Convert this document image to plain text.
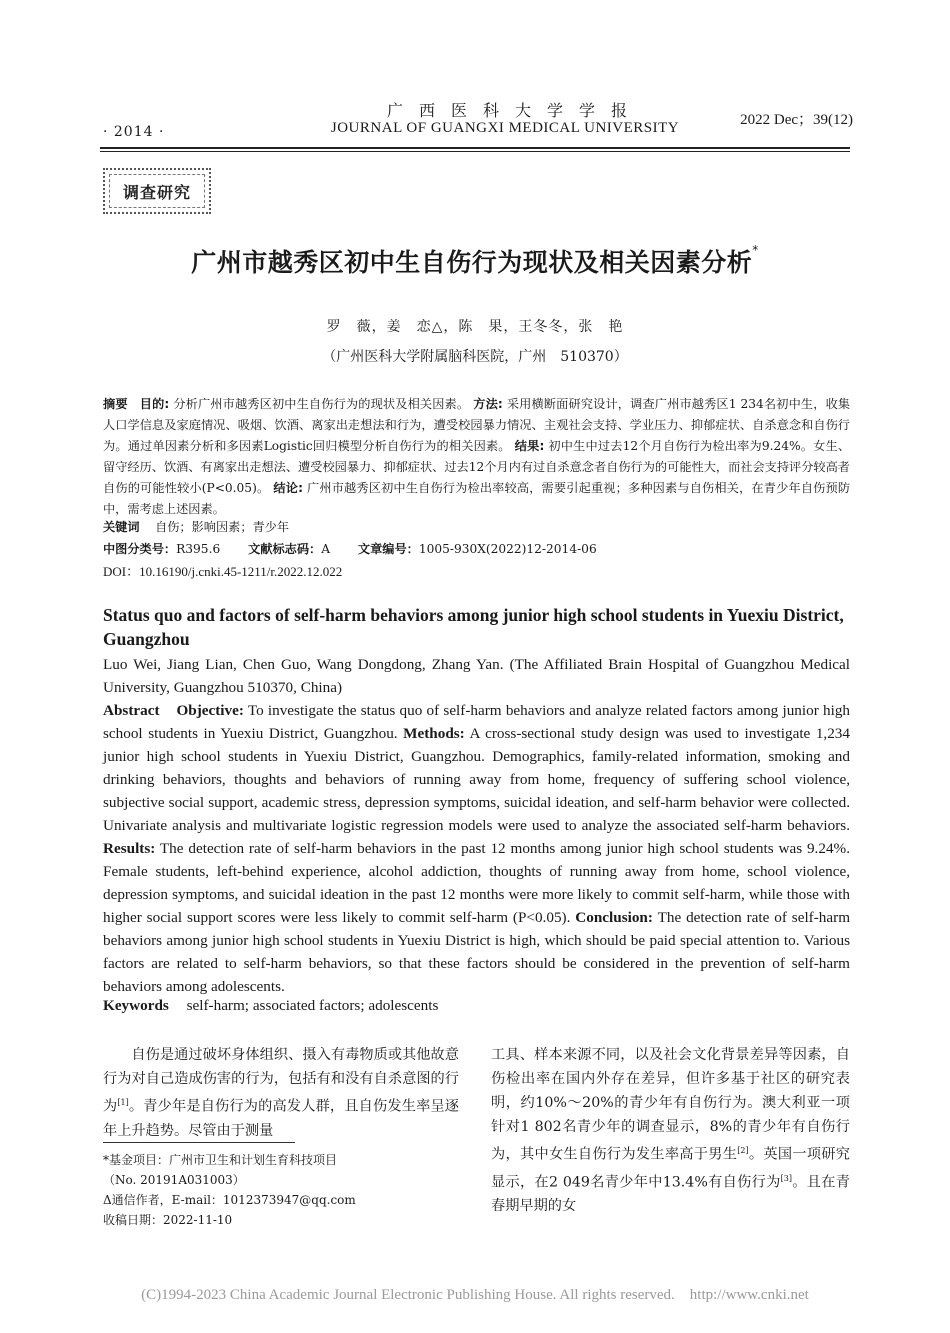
· 2014 ·
广西医科大学学报
JOURNAL OF GUANGXI MEDICAL UNIVERSITY	2022 Dec；39(12)
调查研究
广州市越秀区初中生自伤行为现状及相关因素分析*
罗　薇，姜　恋△，陈　果，王冬冬，张　艳
（广州医科大学附属脑科医院，广州　510370）
摘要 目的: 分析广州市越秀区初中生自伤行为的现状及相关因素。 方法: 采用横断面研究设计，调查广州市越秀区1 234名初中生，收集人口学信息及家庭情况、吸烟、饮酒、离家出走想法和行为，遭受校园暴力情况、主观社会支持、学业压力、抑郁症状、自杀意念和自伤行为。通过单因素分析和多因素Logistic回归模型分析自伤行为的相关因素。 结果: 初中生中过去12个月自伤行为检出率为9.24%。女生、留守经历、饮酒、有离家出走想法、遭受校园暴力、抑郁症状、过去12个月内有过自杀意念者自伤行为的可能性大，而社会支持评分较高者自伤的可能性较小(P<0.05)。 结论: 广州市越秀区初中生自伤行为检出率较高，需要引起重视；多种因素与自伤相关，在青少年自伤预防中，需考虑上述因素。
关键词 自伤；影响因素；青少年
中图分类号：R395.6 文献标志码：A 文章编号：1005-930X(2022)12-2014-06
DOI：10.16190/j.cnki.45-1211/r.2022.12.022
Status quo and factors of self-harm behaviors among junior high school students in Yuexiu District, Guangzhou
Luo Wei, Jiang Lian, Chen Guo, Wang Dongdong, Zhang Yan. (The Affiliated Brain Hospital of Guangzhou Medical University, Guangzhou 510370, China)
Abstract Objective: To investigate the status quo of self-harm behaviors and analyze related factors among junior high school students in Yuexiu District, Guangzhou. Methods: A cross-sectional study design was used to investigate 1,234 junior high school students in Yuexiu District, Guangzhou. Demographics, family-related information, smoking and drinking behaviors, thoughts and behaviors of running away from home, frequency of suffering school violence, subjective social support, academic stress, depression symptoms, suicidal ideation, and self-harm behavior were collected. Univariate analysis and multivariate logistic regression models were used to analyze the associated self-harm behaviors. Results: The detection rate of self-harm behaviors in the past 12 months among junior high school students was 9.24%. Female students, left-behind experience, alcohol addiction, thoughts of running away from home, school violence, depression symptoms, and suicidal ideation in the past 12 months were more likely to commit self-harm, while those with higher social support scores were less likely to commit self-harm (P<0.05). Conclusion: The detection rate of self-harm behaviors among junior high school students in Yuexiu District is high, which should be paid special attention to. Various factors are related to self-harm behaviors, so that these factors should be considered in the prevention of self-harm behaviors among adolescents.
Keywords self-harm; associated factors; adolescents
自伤是通过破坏身体组织、摄入有毒物质或其他故意行为对自己造成伤害的行为，包括有和没有自杀意图的行为[1]。青少年是自伤行为的高发人群，且自伤发生率呈逐年上升趋势。尽管由于测量
*基金项目：广州市卫生和计划生育科技项目
（No. 20191A031003）
Δ通信作者，E-mail：1012373947@qq.com
收稿日期：2022-11-10
工具、样本来源不同，以及社会文化背景差异等因素，自伤检出率在国内外存在差异，但许多基于社区的研究表明，约10%～20%的青少年有自伤行为。澳大利亚一项针对1 802名青少年的调查显示，8%的青少年有自伤行为，其中女生自伤行为发生率高于男生[2]。英国一项研究显示，在2 049名青少年中13.4%有自伤行为[3]。且在青春期早期的女
(C)1994-2023 China Academic Journal Electronic Publishing House. All rights reserved.    http://www.cnki.net
